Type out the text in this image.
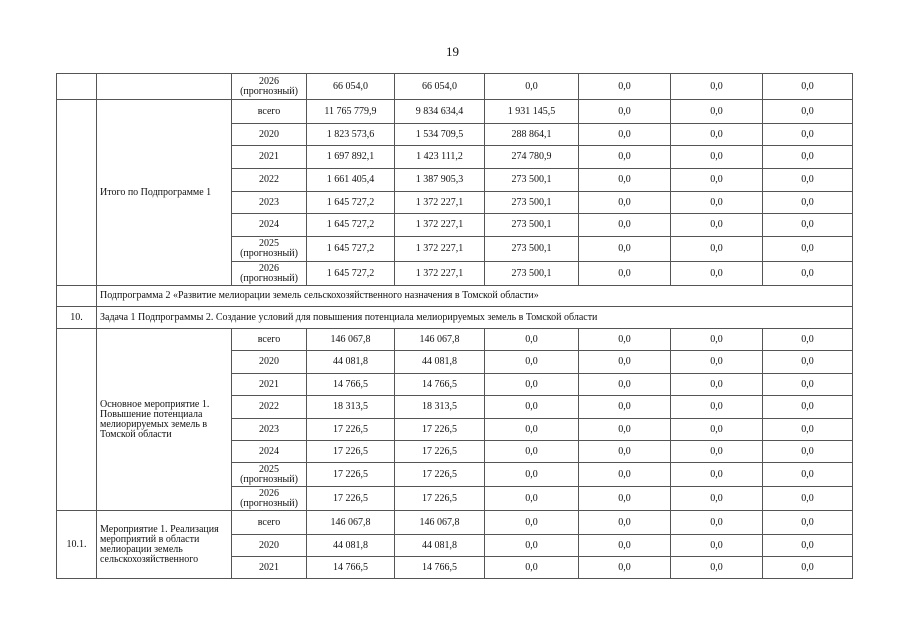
19
		2026 (прогнозный)	66 054,0	66 054,0	0,0	0,0	0,0	0,0
	Итого по Подпрограмме 1	всего	11 765 779,9	9 834 634,4	1 931 145,5	0,0	0,0	0,0
		2020	1 823 573,6	1 534 709,5	288 864,1	0,0	0,0	0,0
		2021	1 697 892,1	1 423 111,2	274 780,9	0,0	0,0	0,0
		2022	1 661 405,4	1 387 905,3	273 500,1	0,0	0,0	0,0
		2023	1 645 727,2	1 372 227,1	273 500,1	0,0	0,0	0,0
		2024	1 645 727,2	1 372 227,1	273 500,1	0,0	0,0	0,0
		2025 (прогнозный)	1 645 727,2	1 372 227,1	273 500,1	0,0	0,0	0,0
		2026 (прогнозный)	1 645 727,2	1 372 227,1	273 500,1	0,0	0,0	0,0
	Подпрограмма 2 «Развитие мелиорации земель сельскохозяйственного назначения в Томской области»							
10.	Задача 1 Подпрограммы 2. Создание условий для повышения потенциала мелиорируемых земель в Томской области							
	Основное мероприятие 1. Повышение потенциала мелиорируемых земель в Томской области	всего	146 067,8	146 067,8	0,0	0,0	0,0	0,0
		2020	44 081,8	44 081,8	0,0	0,0	0,0	0,0
		2021	14 766,5	14 766,5	0,0	0,0	0,0	0,0
		2022	18 313,5	18 313,5	0,0	0,0	0,0	0,0
		2023	17 226,5	17 226,5	0,0	0,0	0,0	0,0
		2024	17 226,5	17 226,5	0,0	0,0	0,0	0,0
		2025 (прогнозный)	17 226,5	17 226,5	0,0	0,0	0,0	0,0
		2026 (прогнозный)	17 226,5	17 226,5	0,0	0,0	0,0	0,0
10.1.	Мероприятие 1. Реализация мероприятий в области мелиорации земель сельскохозяйственного	всего	146 067,8	146 067,8	0,0	0,0	0,0	0,0
		2020	44 081,8	44 081,8	0,0	0,0	0,0	0,0
		2021	14 766,5	14 766,5	0,0	0,0	0,0	0,0
